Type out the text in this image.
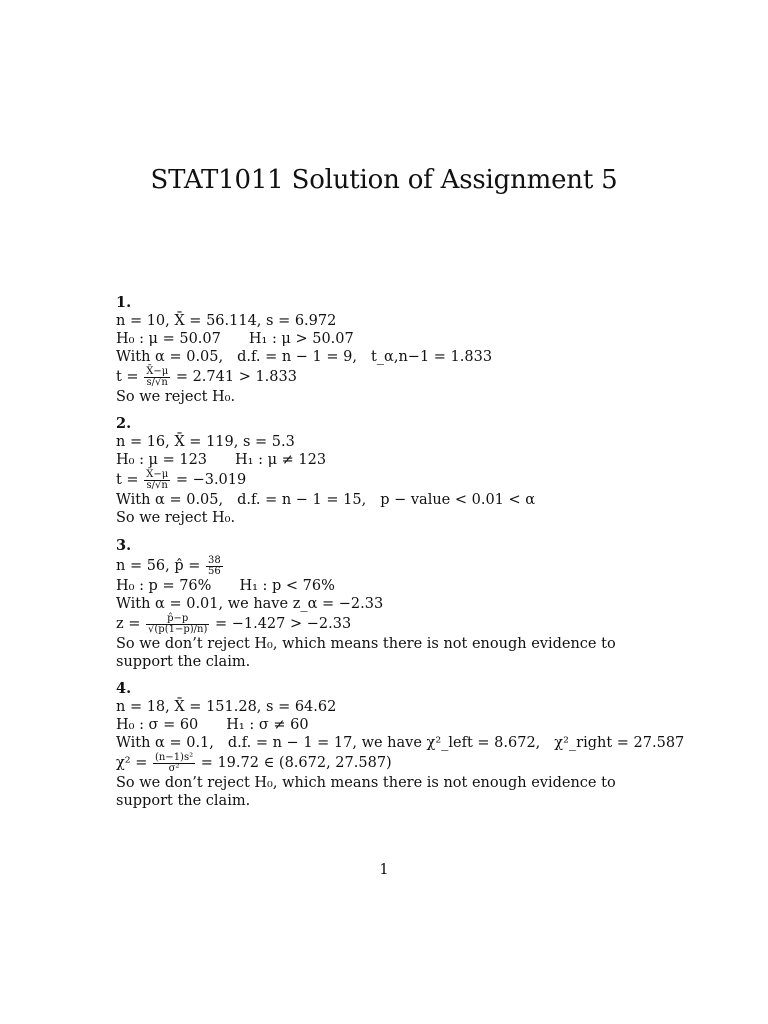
STAT1011 Solution of Assignment 5
1.
n = 10, X̄ = 56.114, s = 6.972
H₀ : μ = 50.07 H₁ : μ > 50.07
With α = 0.05, d.f. = n − 1 = 9, t_α,n−1 = 1.833
$t = \frac{X̄-\mu}{s/√n} = 2.741 > 1.833$
So we reject H₀.
2.
n = 16, X̄ = 119, s = 5.3
H₀ : μ = 123 H₁ : μ ≠ 123
$t = \frac{X̄-\mu}{s/√n} = -3.019$
With α = 0.05, d.f. = n − 1 = 15, p − value < 0.01 < α
So we reject H₀.
3.
n = 56, p̂ = $\frac{38}{56}$
H₀ : p = 76% H₁ : p < 76%
With α = 0.01, we have z_α = −2.33
$z = \frac{p̂-p}{√(p(1-p)/n)} = -1.427 > -2.33$
So we don’t reject H₀, which means there is not enough evidence to support the claim.
4.
n = 18, X̄ = 151.28, s = 64.62
H₀ : σ = 60 H₁ : σ ≠ 60
With α = 0.1, d.f. = n − 1 = 17, we have χ²_left = 8.672, χ²_right = 27.587
$\chi^2 = \frac{\text{(n−1)s²}}{\text{σ²}} = 19.72$ ∈ (8.672, 27.587)
So we don’t reject H₀, which means there is not enough evidence to support the claim.
1
